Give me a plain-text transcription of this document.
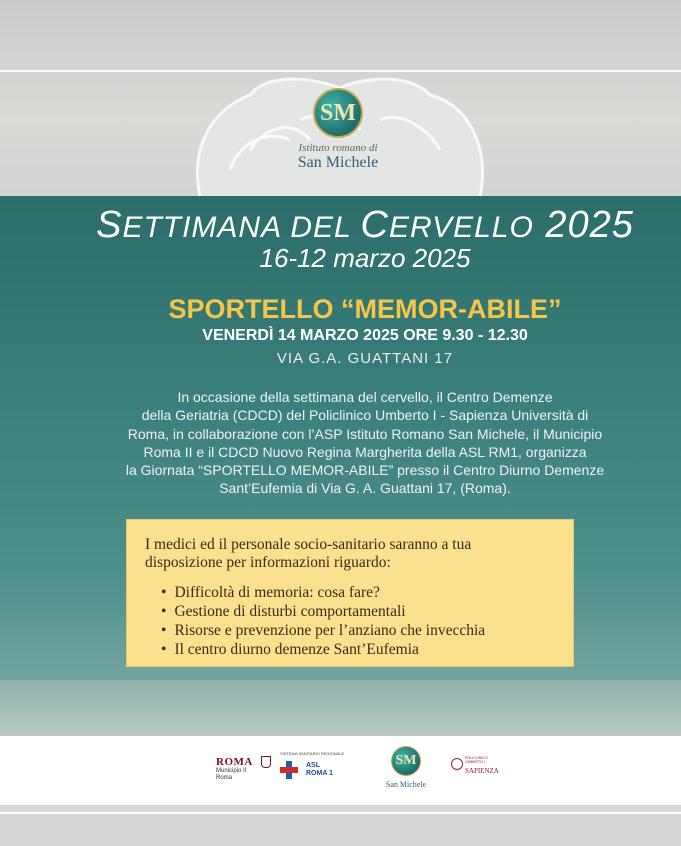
SM
Istituto romano di
San Michele
SETTIMANA DEL CERVELLO 2025
16-12 marzo 2025
SPORTELLO “MEMOR-ABILE”
VENERDÌ 14 MARZO 2025 ORE 9.30 - 12.30
VIA G.A. GUATTANI 17
In occasione della settimana del cervello, il Centro Demenze
della Geriatria (CDCD) del Policlinico Umberto I - Sapienza Università di
Roma, in collaborazione con l’ASP Istituto Romano San Michele, il Municipio
Roma II e il CDCD Nuovo Regina Margherita della ASL RM1, organizza
la Giornata “SPORTELLO MEMOR-ABILE” presso il Centro Diurno Demenze
Sant’Eufemia di Via G. A. Guattani 17, (Roma).
I medici ed il personale socio-sanitario saranno a tua
disposizione per informazioni riguardo:
• Difficoltà di memoria: cosa fare?
• Gestione di disturbi comportamentali
• Risorse e prevenzione per l’anziano che invecchia
• Il centro diurno demenze Sant’Eufemia
ROMA
Municipio II
Roma
SISTEMA SANITARIO REGIONALE
ASL
ROMA 1
SM
San Michele
POLICLINICO UMBERTO I
SAPIENZA
